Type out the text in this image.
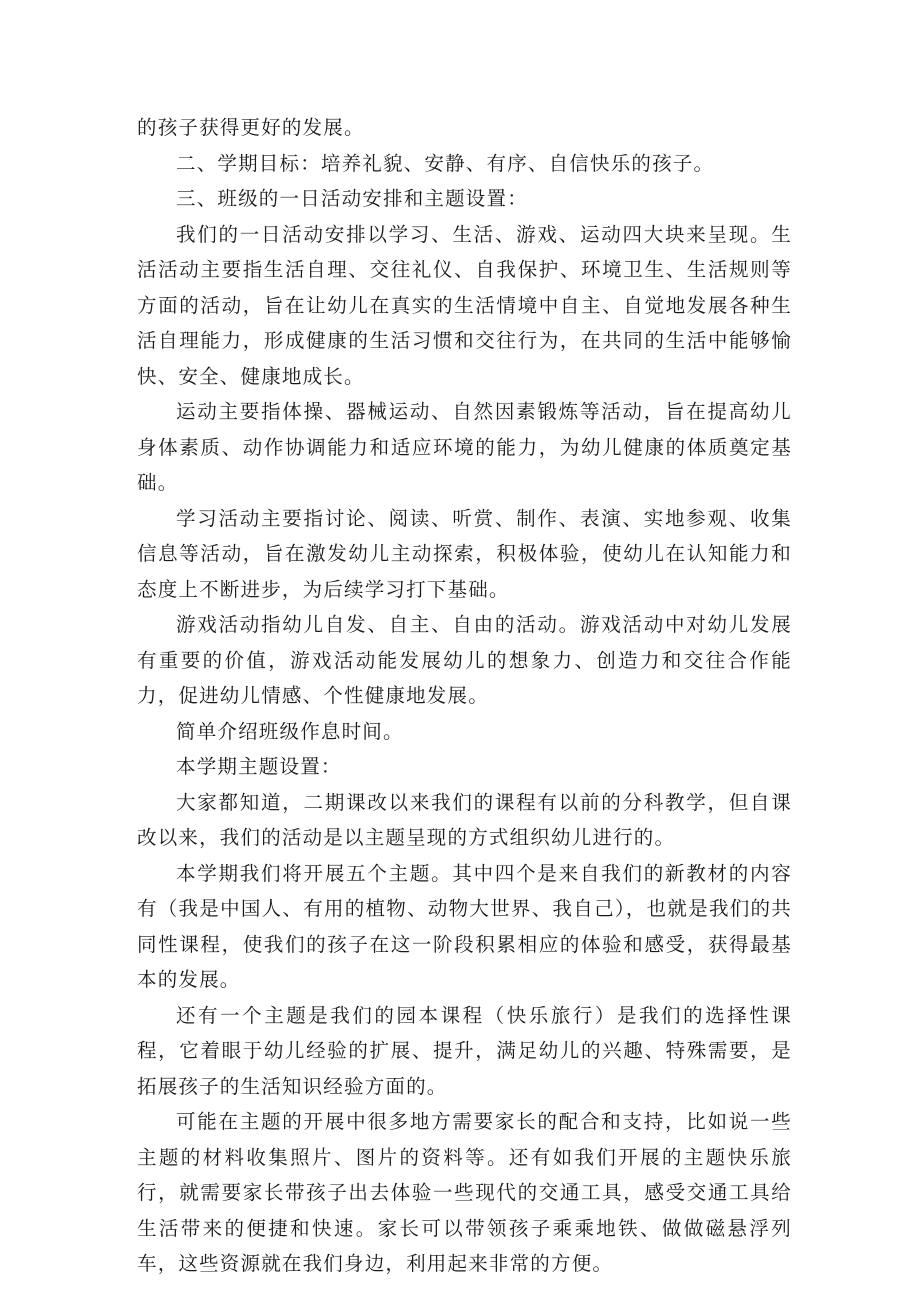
的孩子获得更好的发展。

二、学期目标：培养礼貌、安静、有序、自信快乐的孩子。

三、班级的一日活动安排和主题设置：

我们的一日活动安排以学习、生活、游戏、运动四大块来呈现。生活活动主要指生活自理、交往礼仪、自我保护、环境卫生、生活规则等方面的活动，旨在让幼儿在真实的生活情境中自主、自觉地发展各种生活自理能力，形成健康的生活习惯和交往行为，在共同的生活中能够愉快、安全、健康地成长。

运动主要指体操、器械运动、自然因素锻炼等活动，旨在提高幼儿身体素质、动作协调能力和适应环境的能力，为幼儿健康的体质奠定基础。

学习活动主要指讨论、阅读、听赏、制作、表演、实地参观、收集信息等活动，旨在激发幼儿主动探索，积极体验，使幼儿在认知能力和态度上不断进步，为后续学习打下基础。

游戏活动指幼儿自发、自主、自由的活动。游戏活动中对幼儿发展有重要的价值，游戏活动能发展幼儿的想象力、创造力和交往合作能力，促进幼儿情感、个性健康地发展。

简单介绍班级作息时间。

本学期主题设置：

大家都知道，二期课改以来我们的课程有以前的分科教学，但自课改以来，我们的活动是以主题呈现的方式组织幼儿进行的。

本学期我们将开展五个主题。其中四个是来自我们的新教材的内容有（我是中国人、有用的植物、动物大世界、我自己），也就是我们的共同性课程，使我们的孩子在这一阶段积累相应的体验和感受，获得最基本的发展。

还有一个主题是我们的园本课程（快乐旅行）是我们的选择性课程，它着眼于幼儿经验的扩展、提升，满足幼儿的兴趣、特殊需要，是拓展孩子的生活知识经验方面的。

可能在主题的开展中很多地方需要家长的配合和支持，比如说一些主题的材料收集照片、图片的资料等。还有如我们开展的主题快乐旅行，就需要家长带孩子出去体验一些现代的交通工具，感受交通工具给生活带来的便捷和快速。家长可以带领孩子乘乘地铁、做做磁悬浮列车，这些资源就在我们身边，利用起来非常的方便。
